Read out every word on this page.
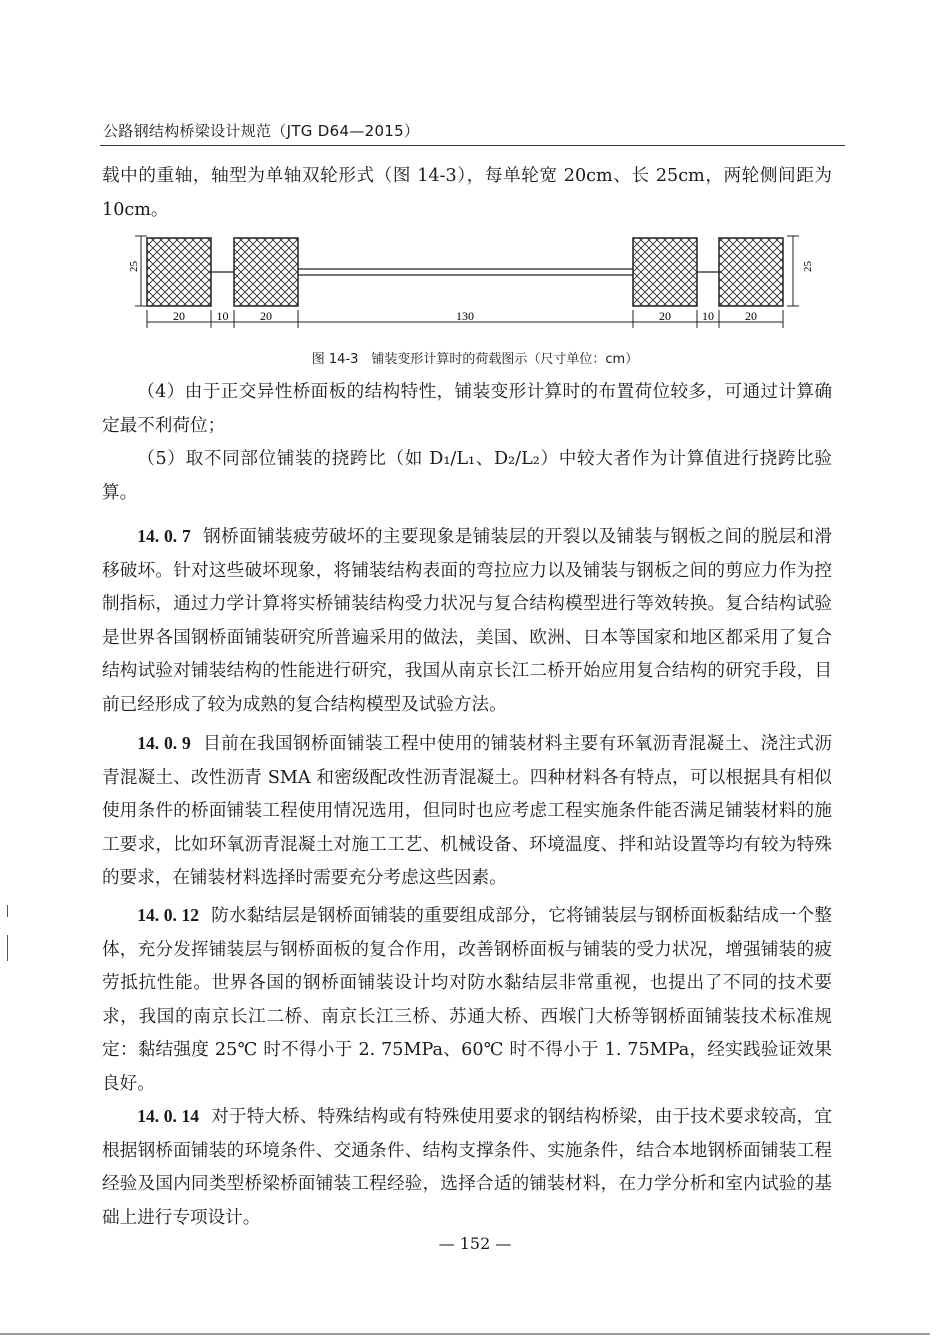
公路钢结构桥梁设计规范（JTG D64—2015）

载中的重轴，轴型为单轴双轮形式（图 14-3），每单轮宽 20cm、长 25cm，两轮侧间距为 10cm。

25	25
20	10	20	130	20	10	20
图 14-3　铺装变形计算时的荷载图示（尺寸单位：cm）

（4）由于正交异性桥面板的结构特性，铺装变形计算时的布置荷位较多，可通过计算确定最不利荷位；

（5）取不同部位铺装的挠跨比（如 D₁/L₁、D₂/L₂）中较大者作为计算值进行挠跨比验算。

14. 0. 7 钢桥面铺装疲劳破坏的主要现象是铺装层的开裂以及铺装与钢板之间的脱层和滑移破坏。针对这些破坏现象，将铺装结构表面的弯拉应力以及铺装与钢板之间的剪应力作为控制指标，通过力学计算将实桥铺装结构受力状况与复合结构模型进行等效转换。复合结构试验是世界各国钢桥面铺装研究所普遍采用的做法，美国、欧洲、日本等国家和地区都采用了复合结构试验对铺装结构的性能进行研究，我国从南京长江二桥开始应用复合结构的研究手段，目前已经形成了较为成熟的复合结构模型及试验方法。

14. 0. 9 目前在我国钢桥面铺装工程中使用的铺装材料主要有环氧沥青混凝土、浇注式沥青混凝土、改性沥青 SMA 和密级配改性沥青混凝土。四种材料各有特点，可以根据具有相似使用条件的桥面铺装工程使用情况选用，但同时也应考虑工程实施条件能否满足铺装材料的施工要求，比如环氧沥青混凝土对施工工艺、机械设备、环境温度、拌和站设置等均有较为特殊的要求，在铺装材料选择时需要充分考虑这些因素。

14. 0. 12 防水黏结层是钢桥面铺装的重要组成部分，它将铺装层与钢桥面板黏结成一个整体，充分发挥铺装层与钢桥面板的复合作用，改善钢桥面板与铺装的受力状况，增强铺装的疲劳抵抗性能。世界各国的钢桥面铺装设计均对防水黏结层非常重视，也提出了不同的技术要求，我国的南京长江二桥、南京长江三桥、苏通大桥、西堠门大桥等钢桥面铺装技术标准规定：黏结强度 25℃ 时不得小于 2. 75MPa、60℃ 时不得小于 1. 75MPa，经实践验证效果良好。

14. 0. 14 对于特大桥、特殊结构或有特殊使用要求的钢结构桥梁，由于技术要求较高，宜根据钢桥面铺装的环境条件、交通条件、结构支撑条件、实施条件，结合本地钢桥面铺装工程经验及国内同类型桥梁桥面铺装工程经验，选择合适的铺装材料，在力学分析和室内试验的基础上进行专项设计。

— 152 —
